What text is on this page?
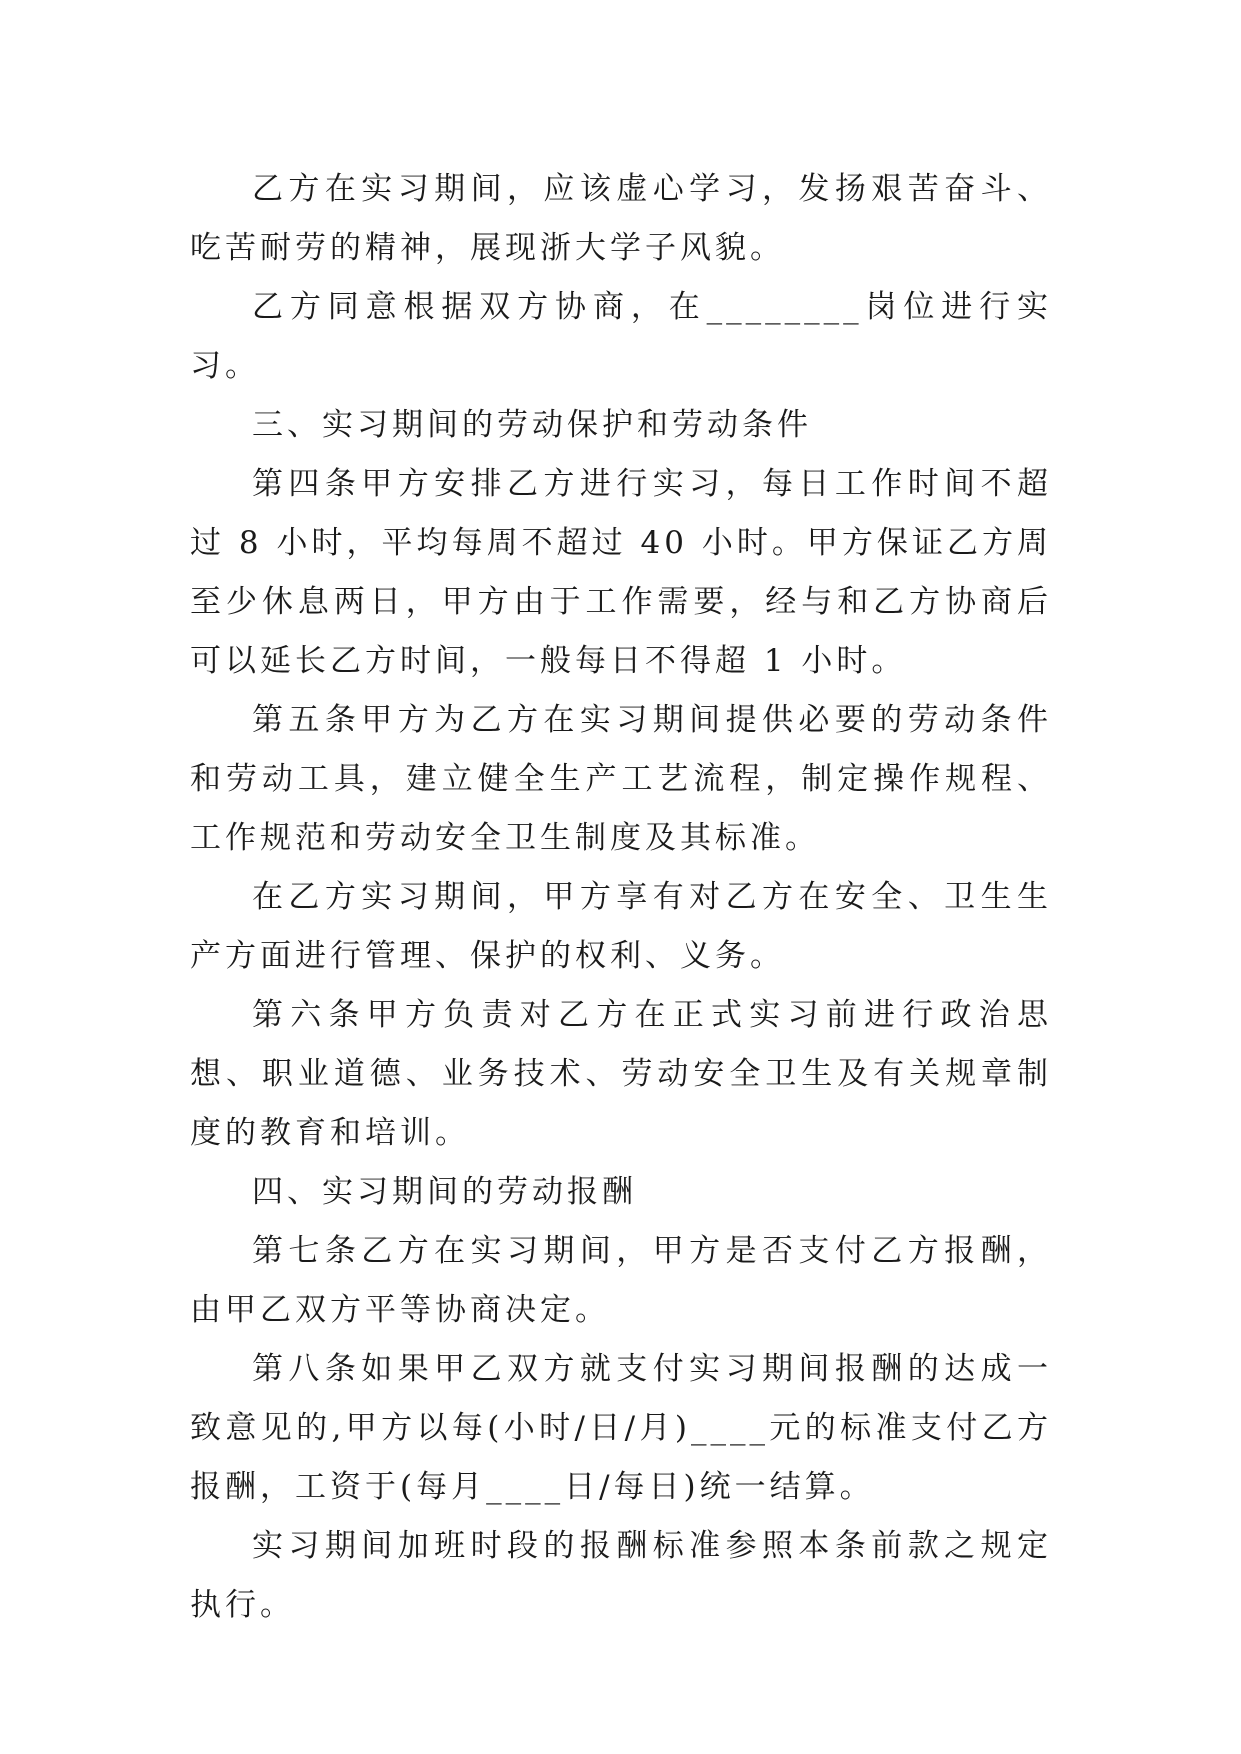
乙方在实习期间，应该虚心学习，发扬艰苦奋斗、吃苦耐劳的精神，展现浙大学子风貌。

乙方同意根据双方协商，在________岗位进行实习。

三、实习期间的劳动保护和劳动条件

第四条甲方安排乙方进行实习，每日工作时间不超过 8 小时，平均每周不超过 40 小时。甲方保证乙方周至少休息两日，甲方由于工作需要，经与和乙方协商后可以延长乙方时间，一般每日不得超 1 小时。

第五条甲方为乙方在实习期间提供必要的劳动条件和劳动工具，建立健全生产工艺流程，制定操作规程、工作规范和劳动安全卫生制度及其标准。

在乙方实习期间，甲方享有对乙方在安全、卫生生产方面进行管理、保护的权利、义务。

第六条甲方负责对乙方在正式实习前进行政治思想、职业道德、业务技术、劳动安全卫生及有关规章制度的教育和培训。

四、实习期间的劳动报酬

第七条乙方在实习期间，甲方是否支付乙方报酬，由甲乙双方平等协商决定。

第八条如果甲乙双方就支付实习期间报酬的达成一致意见的,甲方以每(小时/日/月)____元的标准支付乙方报酬，工资于(每月____日/每日)统一结算。

实习期间加班时段的报酬标准参照本条前款之规定执行。
